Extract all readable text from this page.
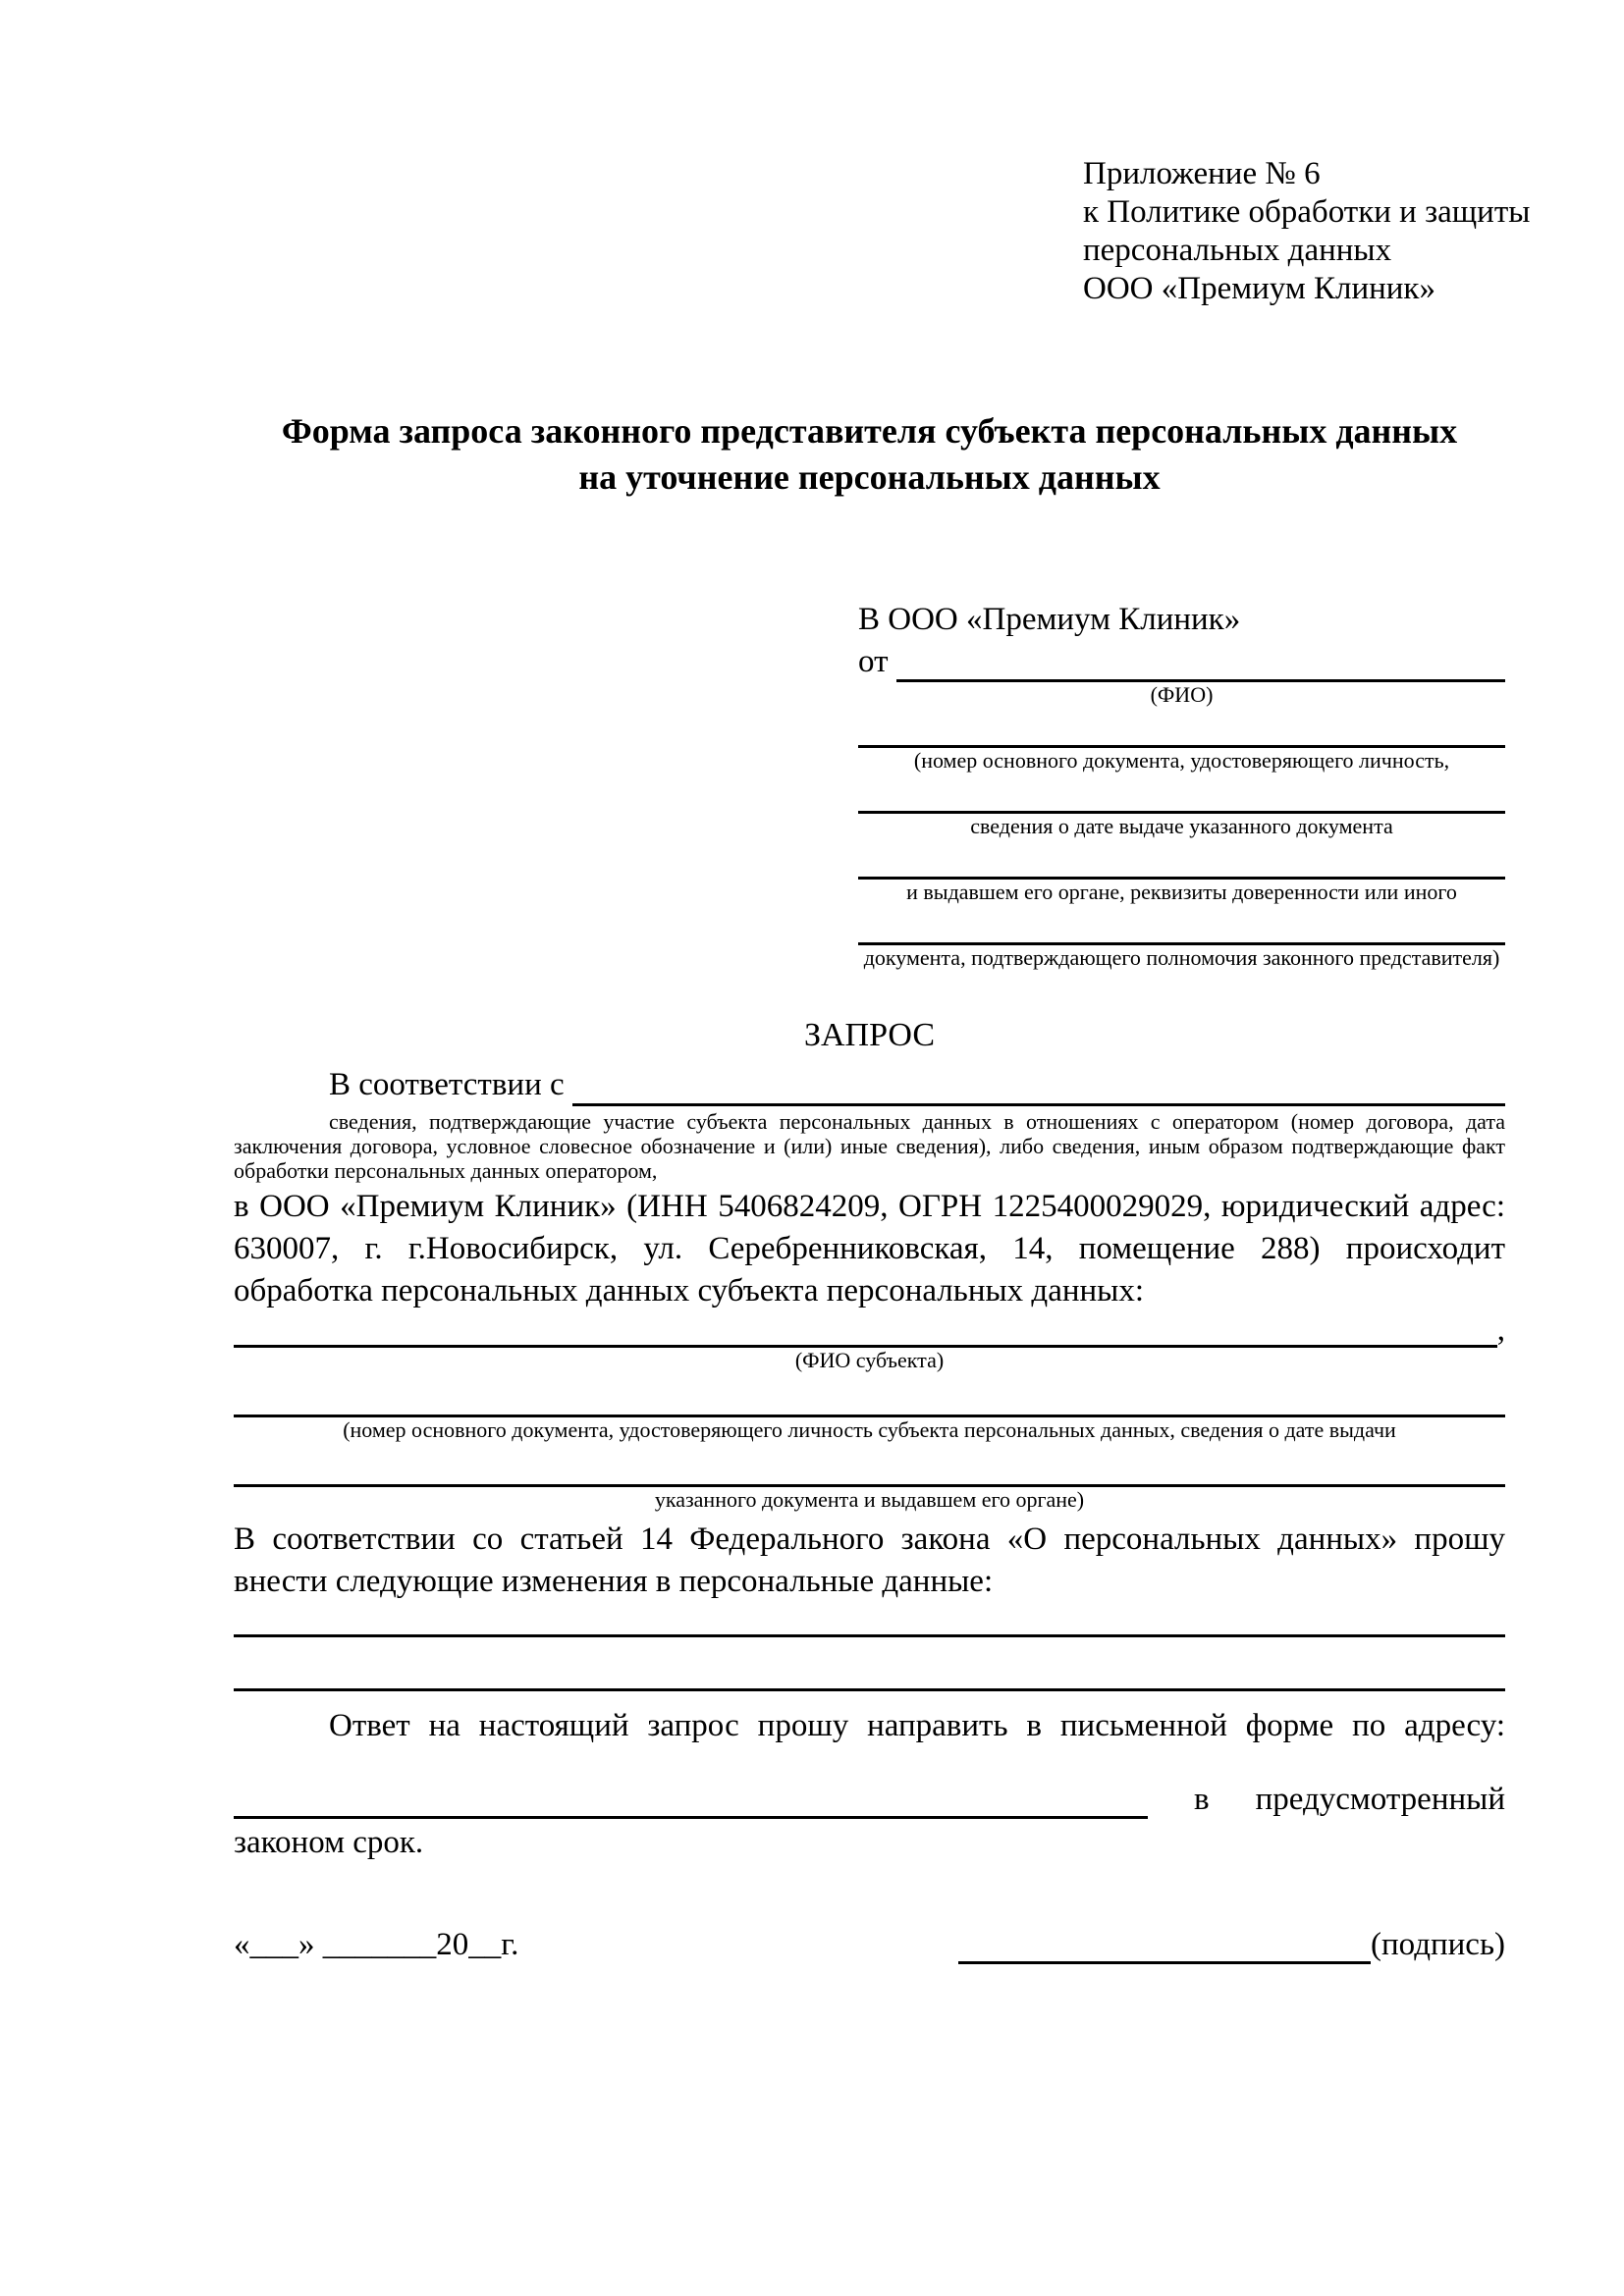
Приложение № 6
к Политике обработки и защиты
персональных данных
ООО «Премиум Клиник»
Форма запроса законного представителя субъекта персональных данных
на уточнение персональных данных
В ООО «Премиум Клиник»
от
(ФИО)
(номер основного документа, удостоверяющего личность,
сведения о дате выдаче указанного документа
и выдавшем его органе, реквизиты доверенности или иного
документа, подтверждающего полномочия законного представителя)
ЗАПРОС
В соответствии с

сведения, подтверждающие участие субъекта персональных данных в отношениях с оператором (номер договора, дата заключения договора, условное словесное обозначение и (или) иные сведения), либо сведения, иным образом подтверждающие факт обработки персональных данных оператором,

в ООО «Премиум Клиник» (ИНН 5406824209, ОГРН 1225400029029, юридический адрес: 630007, г. г.Новосибирск, ул. Серебренниковская, 14, помещение 288) происходит обработка персональных данных субъекта персональных данных:

,
(ФИО субъекта)
(номер основного документа, удостоверяющего личность субъекта персональных данных, сведения о дате выдачи
указанного документа и выдавшем его органе)

В соответствии со статьей 14 Федерального закона «О персональных данных» прошу внести следующие изменения в персональные данные:

Ответ на настоящий запрос прошу направить в письменной форме по адресу:

в предусмотренный
законом срок.
«___» _______20__г.	(подпись)
